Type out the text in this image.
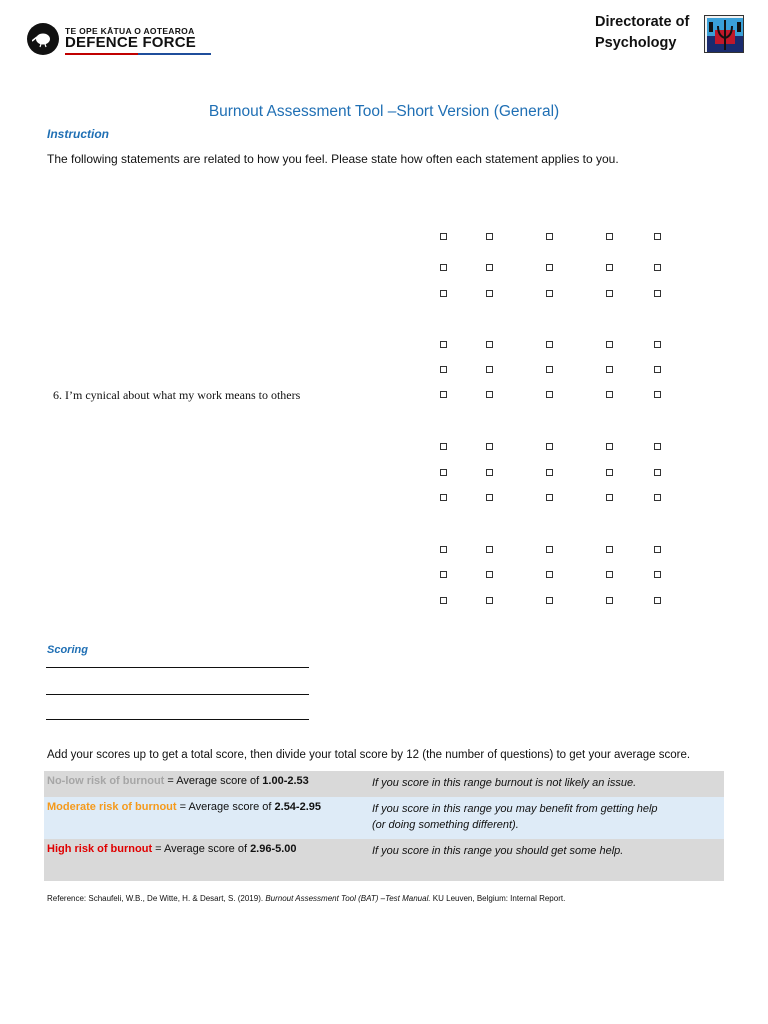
TE OPE KĀTUA O AOTEAROA
DEFENCE FORCE
Directorate of
Psychology
Burnout Assessment Tool –Short Version (General)
Instruction
The following statements are related to how you feel. Please state how often each statement applies to you.
6. I’m cynical about what my work means to others
Scoring
Add your scores up to get a total score, then divide your total score by 12 (the number of questions) to get your average score.
No-low risk of burnout = Average score of 1.00-2.53	If you score in this range burnout is not likely an issue.
Moderate risk of burnout = Average score of 2.54-2.95	If you score in this range you may benefit from getting help
(or doing something different).
High risk of burnout = Average score of 2.96-5.00	If you score in this range you should get some help.
Reference: Schaufeli, W.B., De Witte, H. & Desart, S. (2019). Burnout Assessment Tool (BAT) –Test Manual. KU Leuven, Belgium: Internal Report.
